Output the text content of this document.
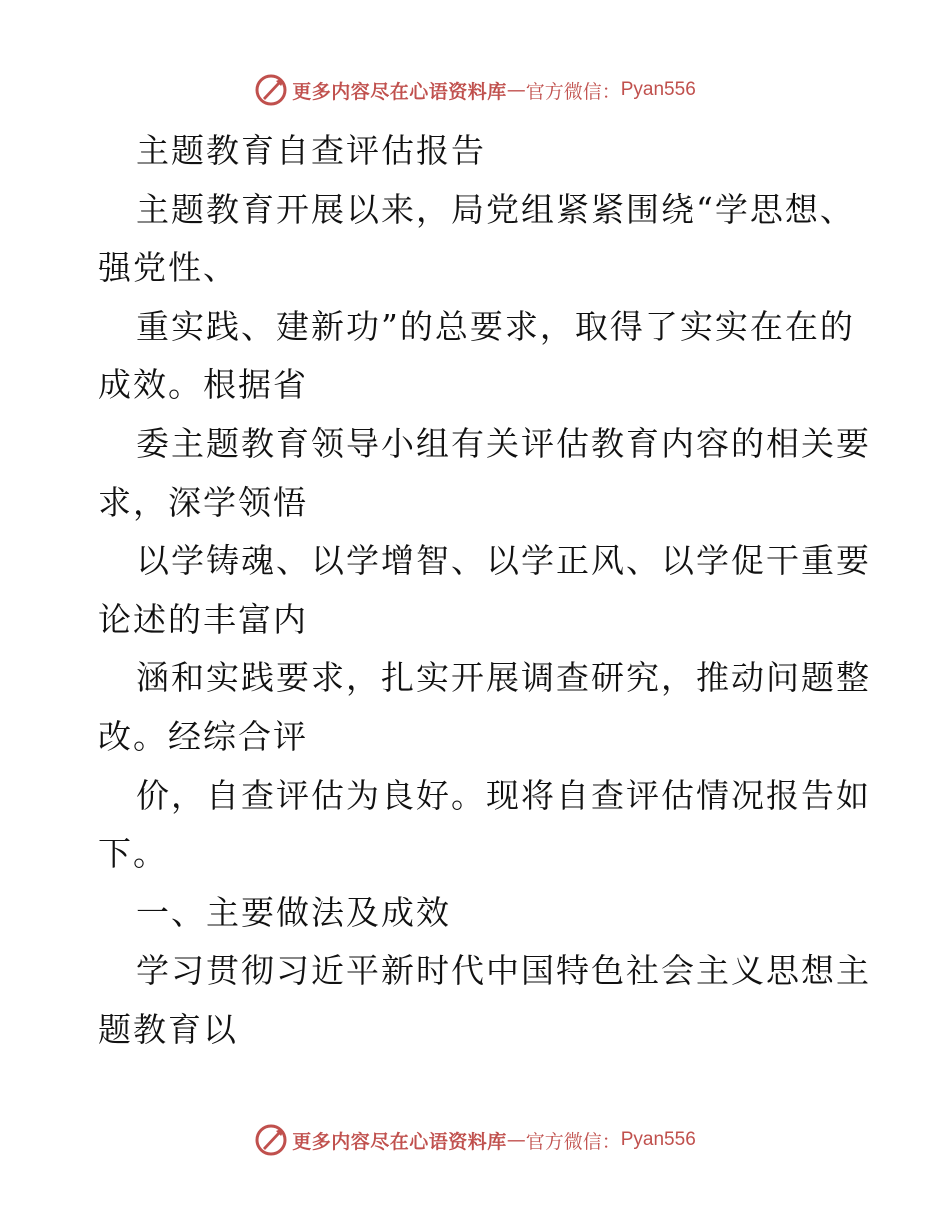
更多内容尽在心语资料库 — 官方微信： Pyan556
主题教育自查评估报告
主题教育开展以来，局党组紧紧围绕“学思想、
强党性、
重实践、建新功”的总要求，取得了实实在在的
成效。根据省
委主题教育领导小组有关评估教育内容的相关要
求，深学领悟
以学铸魂、以学增智、以学正风、以学促干重要
论述的丰富内
涵和实践要求，扎实开展调查研究，推动问题整
改。经综合评
价，自查评估为良好。现将自查评估情况报告如
下。
一、主要做法及成效
学习贯彻习近平新时代中国特色社会主义思想主
题教育以
更多内容尽在心语资料库 — 官方微信： Pyan556
